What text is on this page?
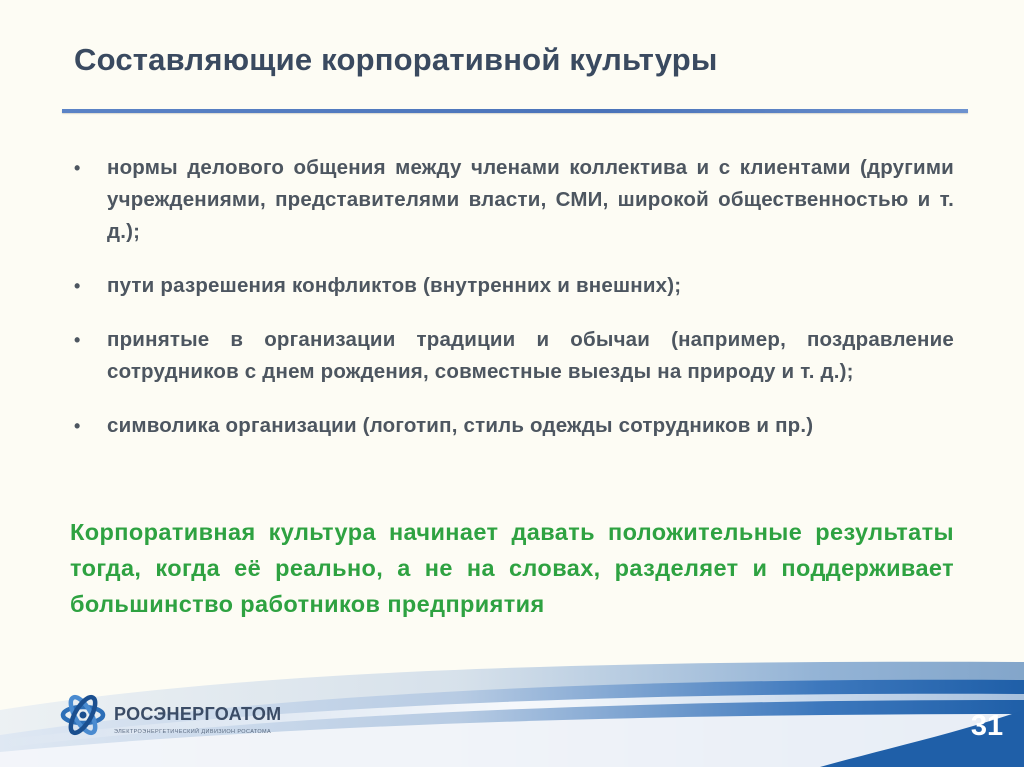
Составляющие корпоративной культуры
•	нормы делового общения между членами коллектива и с клиентами (другими учреждениями, представителями власти, СМИ, широкой общественностью и т. д.);
•	пути разрешения конфликтов (внутренних и внешних);
•	принятые в организации традиции и обычаи (например, поздравление сотрудников с днем рождения, совместные выезды на природу и т. д.);
•	символика организации (логотип, стиль одежды сотрудников и пр.)
Корпоративная культура начинает давать положительные результаты тогда, когда её реально, а не на словах, разделяет и поддерживает большинство работников предприятия
РОСЭНЕРГОАТОМ
ЭЛЕКТРОЭНЕРГЕТИЧЕСКИЙ ДИВИЗИОН РОСАТОМА	31
